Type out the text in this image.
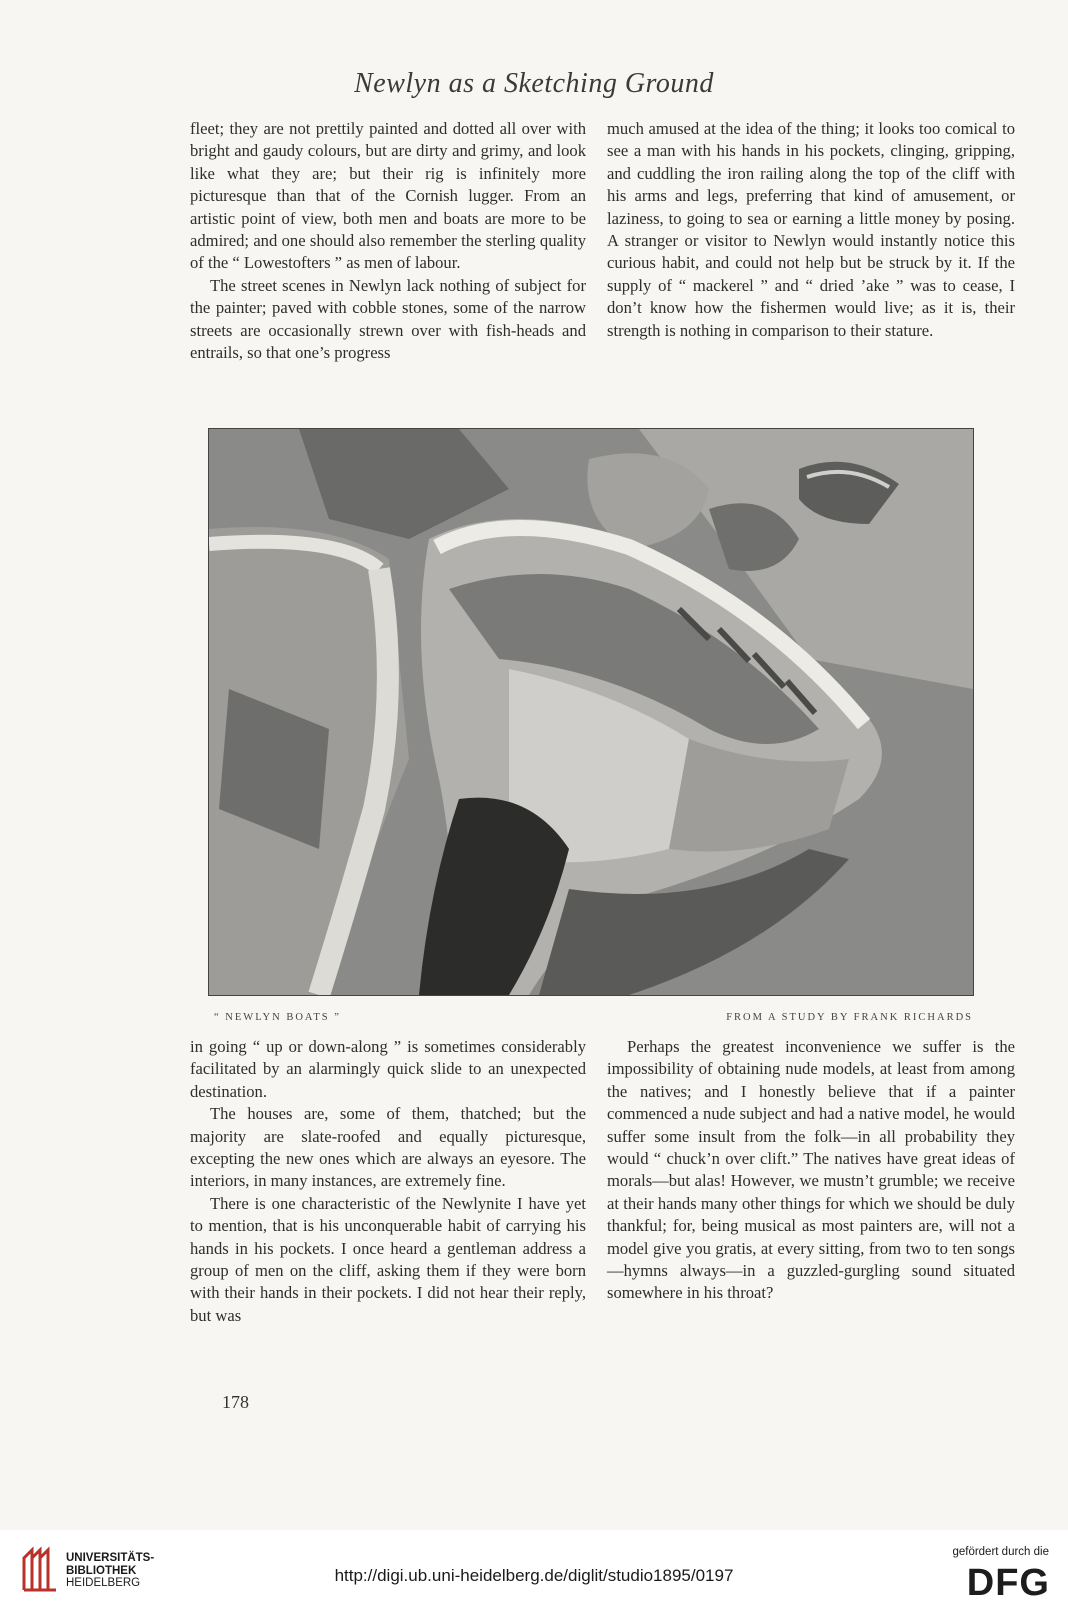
Newlyn as a Sketching Ground

fleet; they are not prettily painted and dotted all over with bright and gaudy colours, but are dirty and grimy, and look like what they are; but their rig is infinitely more picturesque than that of the Cornish lugger. From an artistic point of view, both men and boats are more to be admired; and one should also remember the sterling quality of the “ Lowestofters ” as men of labour.

The street scenes in Newlyn lack nothing of subject for the painter; paved with cobble stones, some of the narrow streets are occasionally strewn over with fish-heads and entrails, so that one’s progress

much amused at the idea of the thing; it looks too comical to see a man with his hands in his pockets, clinging, gripping, and cuddling the iron railing along the top of the cliff with his arms and legs, preferring that kind of amusement, or laziness, to going to sea or earning a little money by posing. A stranger or visitor to Newlyn would instantly notice this curious habit, and could not help but be struck by it. If the supply of “ mackerel ” and “ dried ’ake ” was to cease, I don’t know how the fishermen would live; as it is, their strength is nothing in comparison to their stature.

“ NEWLYN BOATS ”	FROM A STUDY BY FRANK RICHARDS

in going “ up or down-along ” is sometimes considerably facilitated by an alarmingly quick slide to an unexpected destination.

The houses are, some of them, thatched; but the majority are slate-roofed and equally picturesque, excepting the new ones which are always an eyesore. The interiors, in many instances, are extremely fine.

There is one characteristic of the Newlynite I have yet to mention, that is his unconquerable habit of carrying his hands in his pockets. I once heard a gentleman address a group of men on the cliff, asking them if they were born with their hands in their pockets. I did not hear their reply, but was

Perhaps the greatest inconvenience we suffer is the impossibility of obtaining nude models, at least from among the natives; and I honestly believe that if a painter commenced a nude subject and had a native model, he would suffer some insult from the folk—in all probability they would “ chuck’n over clift.” The natives have great ideas of morals—but alas! However, we mustn’t grumble; we receive at their hands many other things for which we should be duly thankful; for, being musical as most painters are, will not a model give you gratis, at every sitting, from two to ten songs—hymns always—in a guzzled-gurgling sound situated somewhere in his throat?

178
UNIVERSITÄTS-
BIBLIOTHEK
HEIDELBERG	http://digi.ub.uni-heidelberg.de/diglit/studio1895/0197
gefördert durch die
DFG
